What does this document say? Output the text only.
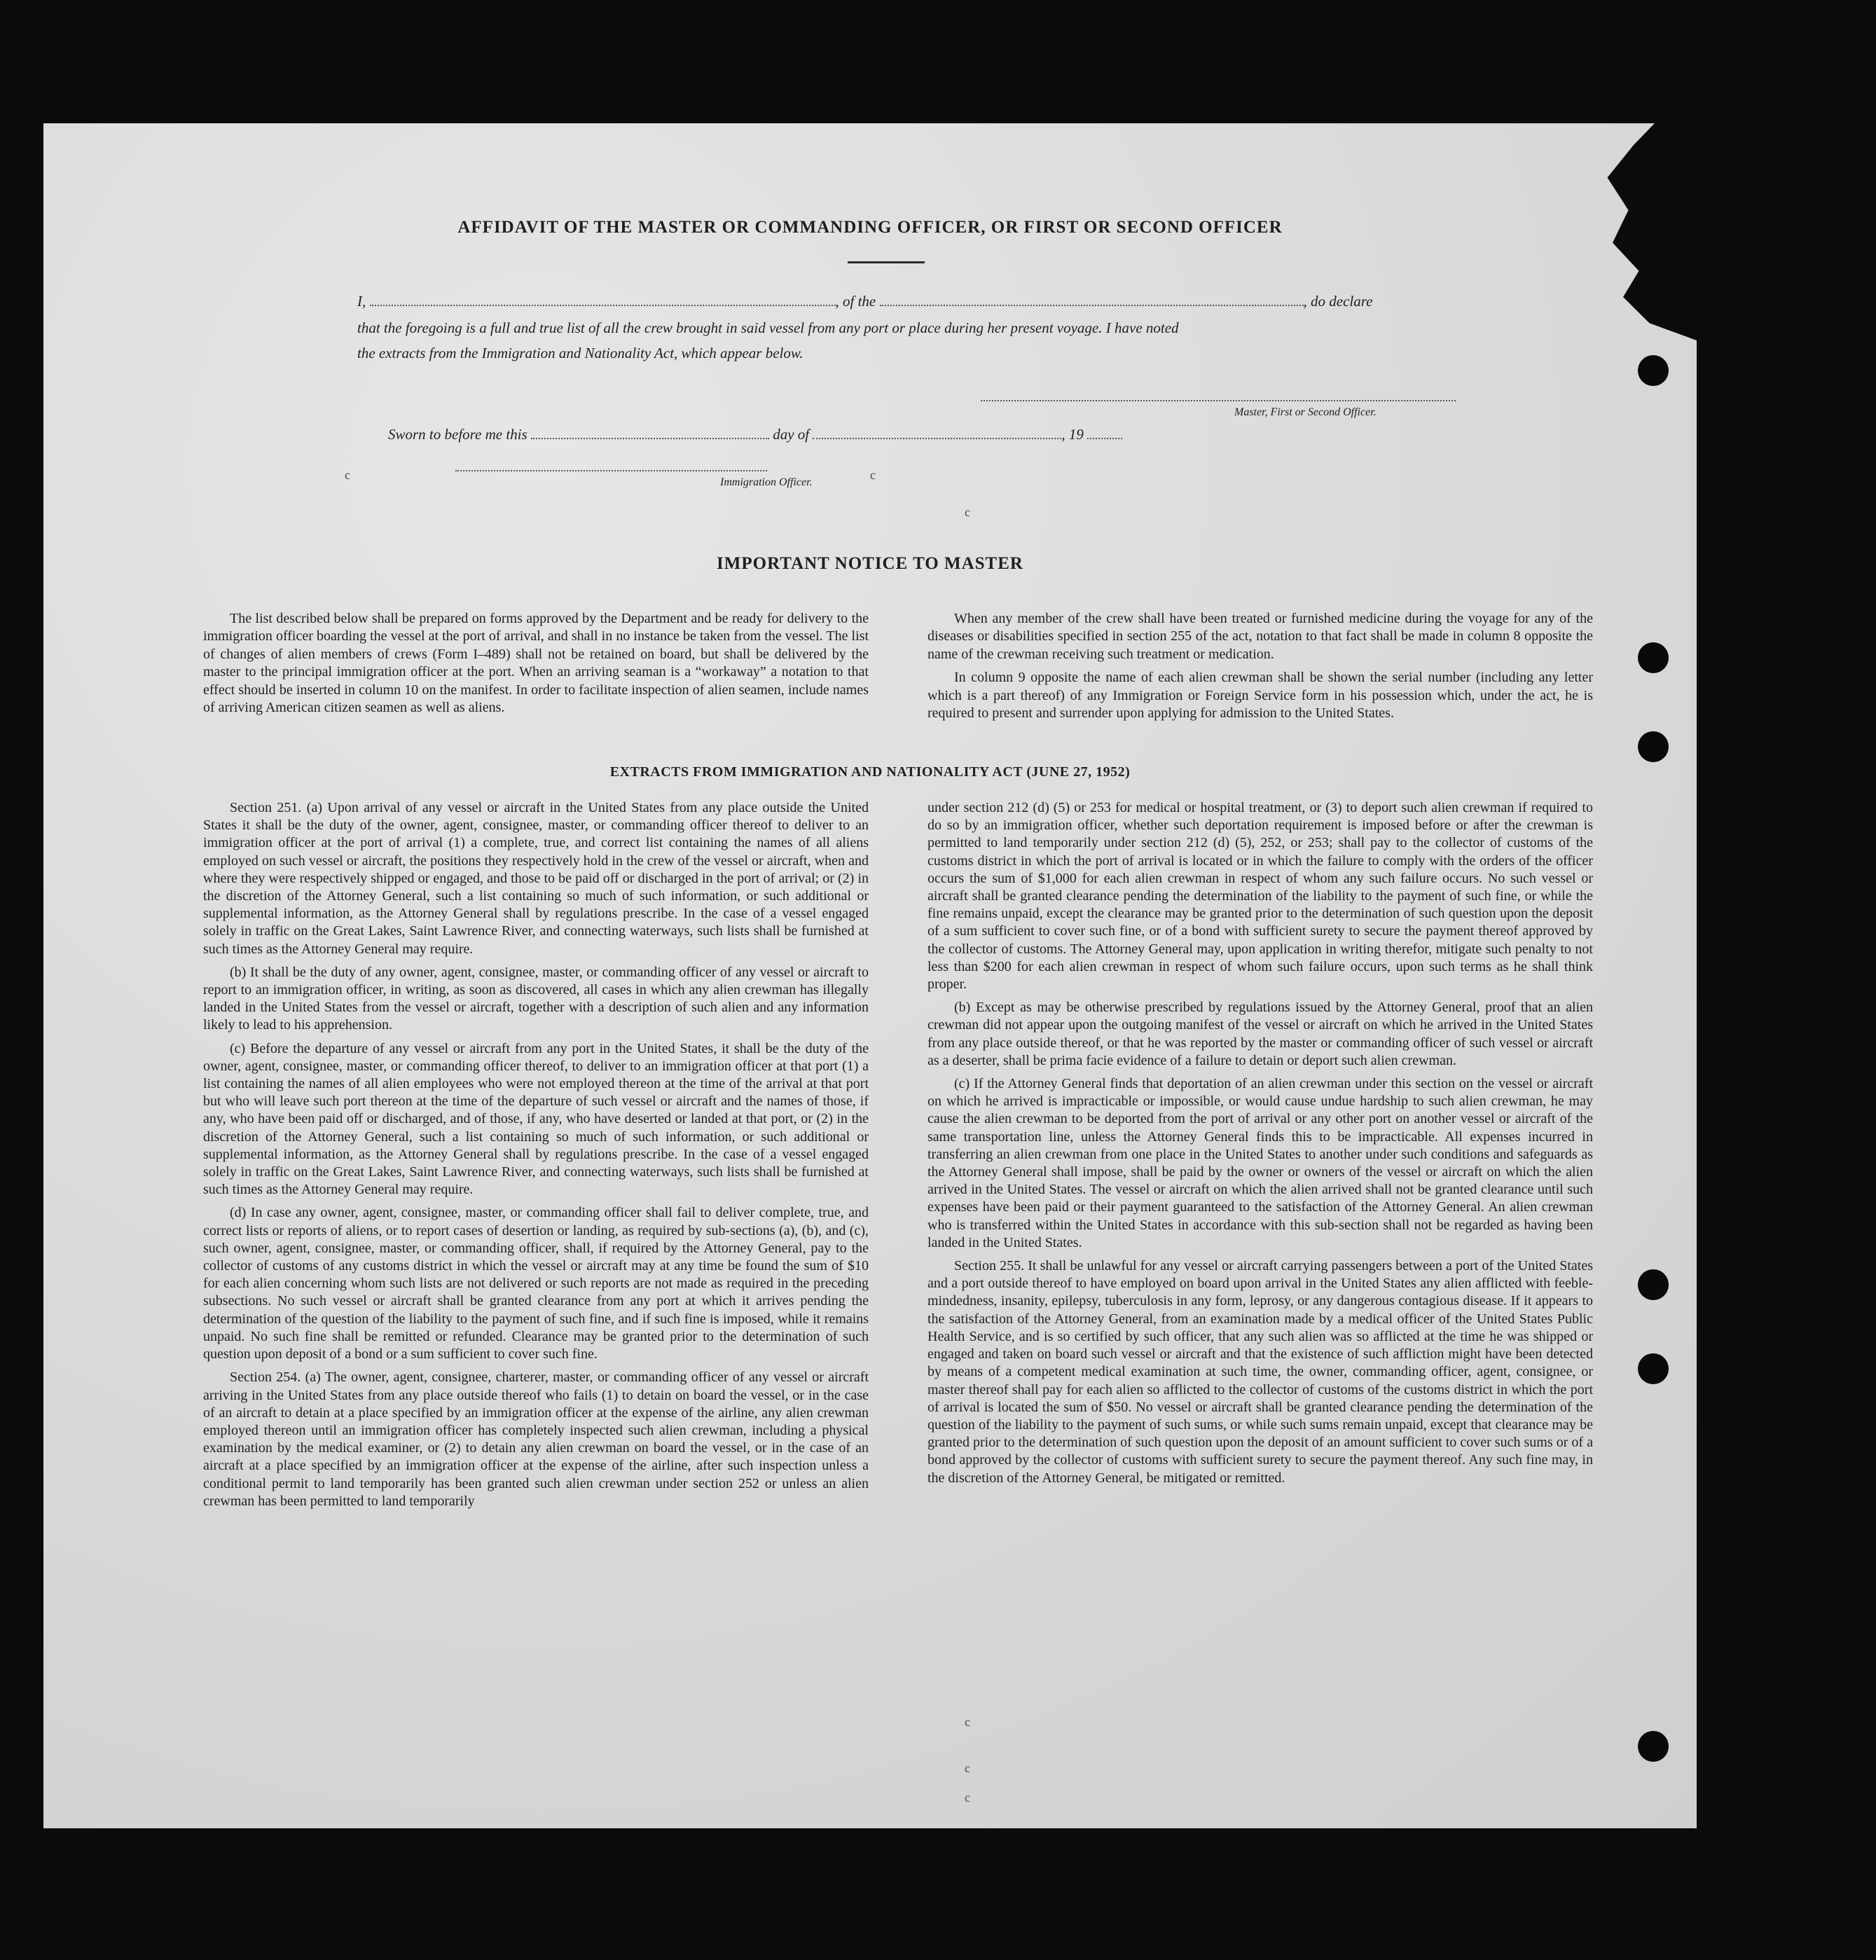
AFFIDAVIT OF THE MASTER OR COMMANDING OFFICER, OR FIRST OR SECOND OFFICER
I,	, of the	, do declare
that the foregoing is a full and true list of all the crew brought in said vessel from any port or place during her present voyage. I have noted
the extracts from the Immigration and Nationality Act, which appear below.
Master, First or Second Officer.
Sworn to before me this	day of	, 19
Immigration Officer.
c	c
c
c
c
c
IMPORTANT NOTICE TO MASTER

The list described below shall be prepared on forms approved by the Department and be ready for delivery to the immigration officer boarding the vessel at the port of arrival, and shall in no instance be taken from the vessel. The list of changes of alien members of crews (Form I–489) shall not be retained on board, but shall be delivered by the master to the principal immigration officer at the port. When an arriving seaman is a “workaway” a notation to that effect should be inserted in column 10 on the manifest. In order to facilitate inspection of alien seamen, include names of arriving American citizen seamen as well as aliens.

When any member of the crew shall have been treated or furnished medicine during the voyage for any of the diseases or disabilities specified in section 255 of the act, notation to that fact shall be made in column 8 opposite the name of the crewman receiving such treatment or medication.

In column 9 opposite the name of each alien crewman shall be shown the serial number (including any letter which is a part thereof) of any Immigration or Foreign Service form in his possession which, under the act, he is required to present and surrender upon applying for admission to the United States.

EXTRACTS FROM IMMIGRATION AND NATIONALITY ACT (JUNE 27, 1952)

Section 251. (a) Upon arrival of any vessel or aircraft in the United States from any place outside the United States it shall be the duty of the owner, agent, consignee, master, or commanding officer thereof to deliver to an immigration officer at the port of arrival (1) a complete, true, and correct list containing the names of all aliens employed on such vessel or aircraft, the positions they respectively hold in the crew of the vessel or aircraft, when and where they were respectively shipped or engaged, and those to be paid off or discharged in the port of arrival; or (2) in the discretion of the Attorney General, such a list containing so much of such information, or such additional or supplemental information, as the Attorney General shall by regulations prescribe. In the case of a vessel engaged solely in traffic on the Great Lakes, Saint Lawrence River, and connecting waterways, such lists shall be furnished at such times as the Attorney General may require.

(b) It shall be the duty of any owner, agent, consignee, master, or commanding officer of any vessel or aircraft to report to an immigration officer, in writing, as soon as discovered, all cases in which any alien crewman has illegally landed in the United States from the vessel or aircraft, together with a description of such alien and any information likely to lead to his apprehension.

(c) Before the departure of any vessel or aircraft from any port in the United States, it shall be the duty of the owner, agent, consignee, master, or commanding officer thereof, to deliver to an immigration officer at that port (1) a list containing the names of all alien employees who were not employed thereon at the time of the arrival at that port but who will leave such port thereon at the time of the departure of such vessel or aircraft and the names of those, if any, who have been paid off or discharged, and of those, if any, who have deserted or landed at that port, or (2) in the discretion of the Attorney General, such a list containing so much of such information, or such additional or supplemental information, as the Attorney General shall by regulations prescribe. In the case of a vessel engaged solely in traffic on the Great Lakes, Saint Lawrence River, and connecting waterways, such lists shall be furnished at such times as the Attorney General may require.

(d) In case any owner, agent, consignee, master, or commanding officer shall fail to deliver complete, true, and correct lists or reports of aliens, or to report cases of desertion or landing, as required by sub-sections (a), (b), and (c), such owner, agent, consignee, master, or commanding officer, shall, if required by the Attorney General, pay to the collector of customs of any customs district in which the vessel or aircraft may at any time be found the sum of $10 for each alien concerning whom such lists are not delivered or such reports are not made as required in the preceding subsections. No such vessel or aircraft shall be granted clearance from any port at which it arrives pending the determination of the question of the liability to the payment of such fine, and if such fine is imposed, while it remains unpaid. No such fine shall be remitted or refunded. Clearance may be granted prior to the determination of such question upon deposit of a bond or a sum sufficient to cover such fine.

Section 254. (a) The owner, agent, consignee, charterer, master, or commanding officer of any vessel or aircraft arriving in the United States from any place outside thereof who fails (1) to detain on board the vessel, or in the case of an aircraft to detain at a place specified by an immigration officer at the expense of the airline, any alien crewman employed thereon until an immigration officer has completely inspected such alien crewman, including a physical examination by the medical examiner, or (2) to detain any alien crewman on board the vessel, or in the case of an aircraft at a place specified by an immigration officer at the expense of the airline, after such inspection unless a conditional permit to land temporarily has been granted such alien crewman under section 252 or unless an alien crewman has been permitted to land temporarily

under section 212 (d) (5) or 253 for medical or hospital treatment, or (3) to deport such alien crewman if required to do so by an immigration officer, whether such deportation requirement is imposed before or after the crewman is permitted to land temporarily under section 212 (d) (5), 252, or 253; shall pay to the collector of customs of the customs district in which the port of arrival is located or in which the failure to comply with the orders of the officer occurs the sum of $1,000 for each alien crewman in respect of whom any such failure occurs. No such vessel or aircraft shall be granted clearance pending the determination of the liability to the payment of such fine, or while the fine remains unpaid, except the clearance may be granted prior to the determination of such question upon the deposit of a sum sufficient to cover such fine, or of a bond with sufficient surety to secure the payment thereof approved by the collector of customs. The Attorney General may, upon application in writing therefor, mitigate such penalty to not less than $200 for each alien crewman in respect of whom such failure occurs, upon such terms as he shall think proper.

(b) Except as may be otherwise prescribed by regulations issued by the Attorney General, proof that an alien crewman did not appear upon the outgoing manifest of the vessel or aircraft on which he arrived in the United States from any place outside thereof, or that he was reported by the master or commanding officer of such vessel or aircraft as a deserter, shall be prima facie evidence of a failure to detain or deport such alien crewman.

(c) If the Attorney General finds that deportation of an alien crewman under this section on the vessel or aircraft on which he arrived is impracticable or impossible, or would cause undue hardship to such alien crewman, he may cause the alien crewman to be deported from the port of arrival or any other port on another vessel or aircraft of the same transportation line, unless the Attorney General finds this to be impracticable. All expenses incurred in transferring an alien crewman from one place in the United States to another under such conditions and safeguards as the Attorney General shall impose, shall be paid by the owner or owners of the vessel or aircraft on which the alien arrived in the United States. The vessel or aircraft on which the alien arrived shall not be granted clearance until such expenses have been paid or their payment guaranteed to the satisfaction of the Attorney General. An alien crewman who is transferred within the United States in accordance with this sub-section shall not be regarded as having been landed in the United States.

Section 255. It shall be unlawful for any vessel or aircraft carrying passengers between a port of the United States and a port outside thereof to have employed on board upon arrival in the United States any alien afflicted with feeble-mindedness, insanity, epilepsy, tuberculosis in any form, leprosy, or any dangerous contagious disease. If it appears to the satisfaction of the Attorney General, from an examination made by a medical officer of the United States Public Health Service, and is so certified by such officer, that any such alien was so afflicted at the time he was shipped or engaged and taken on board such vessel or aircraft and that the existence of such affliction might have been detected by means of a competent medical examination at such time, the owner, commanding officer, agent, consignee, or master thereof shall pay for each alien so afflicted to the collector of customs of the customs district in which the port of arrival is located the sum of $50. No vessel or aircraft shall be granted clearance pending the determination of the question of the liability to the payment of such sums, or while such sums remain unpaid, except that clearance may be granted prior to the determination of such question upon the deposit of an amount sufficient to cover such sums or of a bond approved by the collector of customs with sufficient surety to secure the payment thereof. Any such fine may, in the discretion of the Attorney General, be mitigated or remitted.
